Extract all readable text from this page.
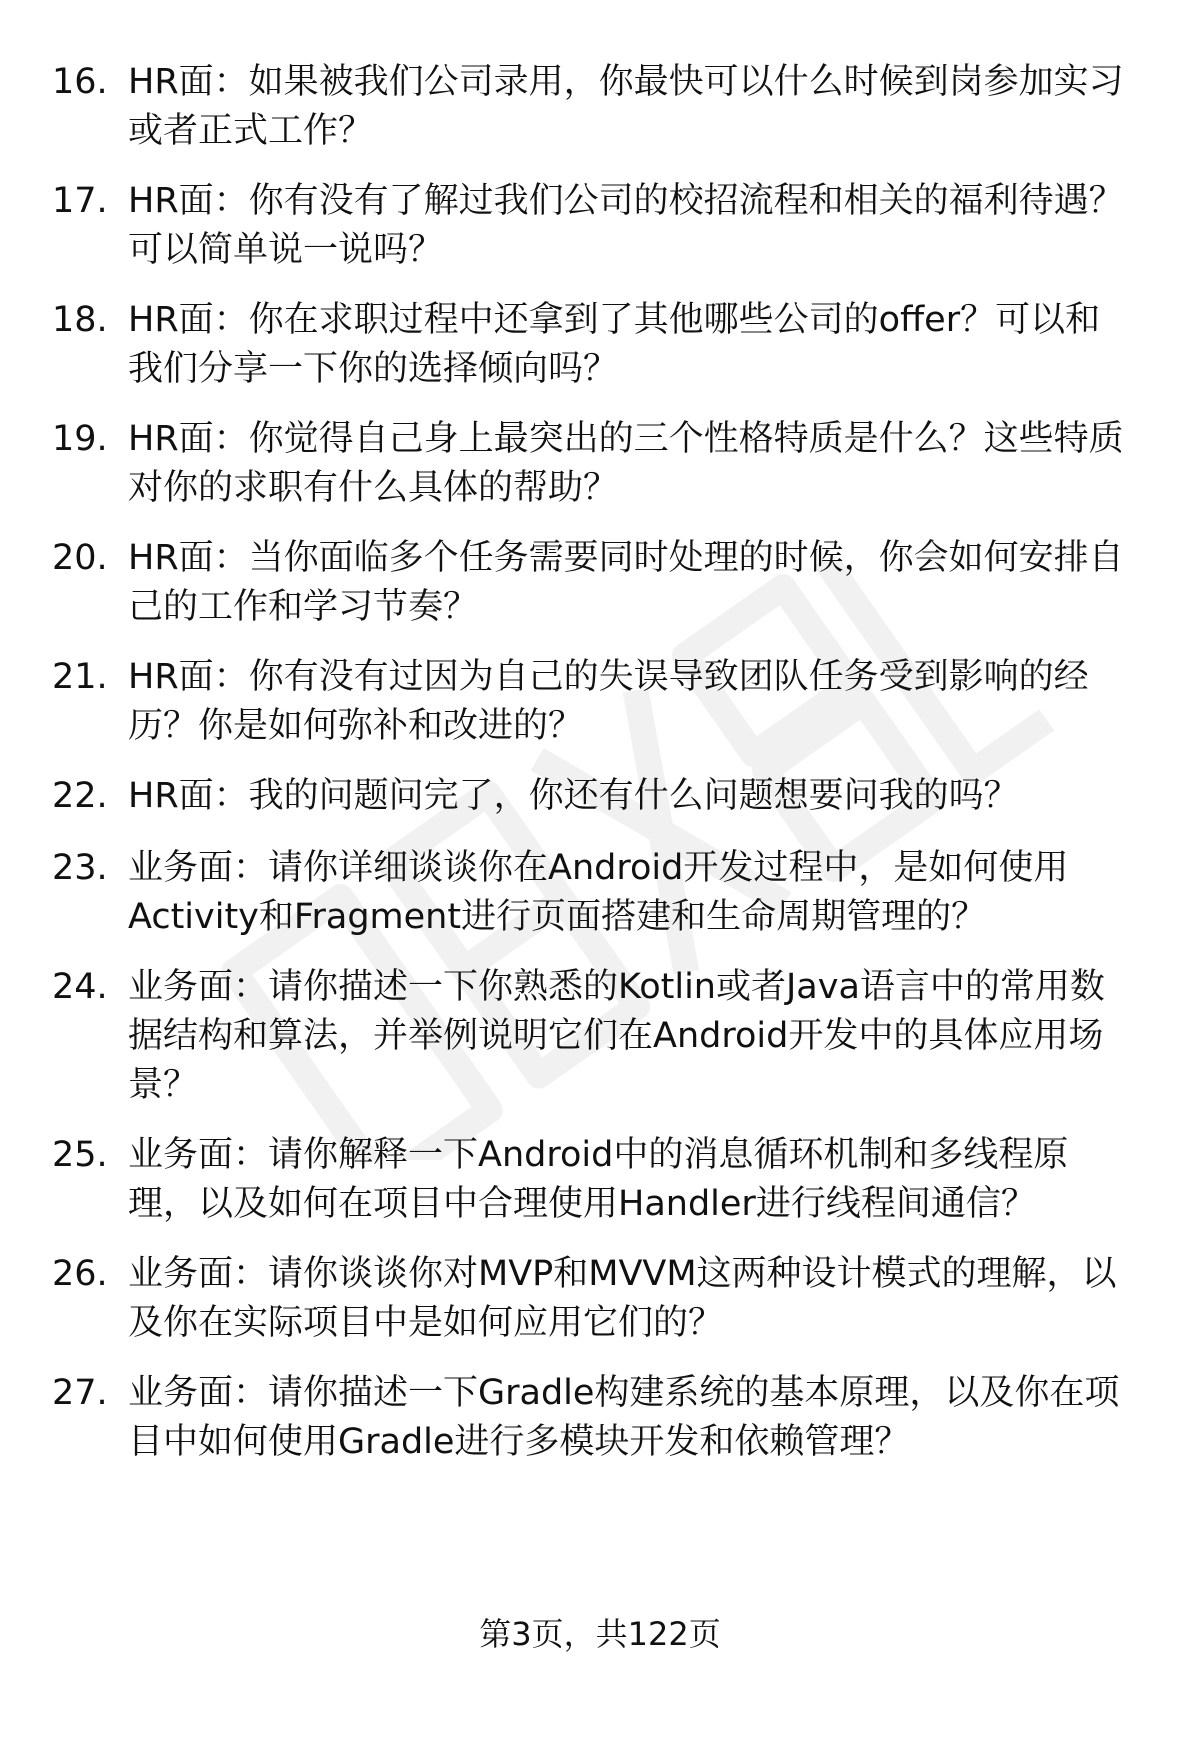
16. HR面：如果被我们公司录用，你最快可以什么时候到岗参加实习
或者正式工作？
17. HR面：你有没有了解过我们公司的校招流程和相关的福利待遇？
可以简单说一说吗？
18. HR面：你在求职过程中还拿到了其他哪些公司的offer？可以和
我们分享一下你的选择倾向吗？
19. HR面：你觉得自己身上最突出的三个性格特质是什么？这些特质
对你的求职有什么具体的帮助？
20. HR面：当你面临多个任务需要同时处理的时候，你会如何安排自
己的工作和学习节奏？
21. HR面：你有没有过因为自己的失误导致团队任务受到影响的经
历？你是如何弥补和改进的？
22. HR面：我的问题问完了，你还有什么问题想要问我的吗？
23. 业务面：请你详细谈谈你在Android开发过程中，是如何使用
Activity和Fragment进行页面搭建和生命周期管理的？
24. 业务面：请你描述一下你熟悉的Kotlin或者Java语言中的常用数
据结构和算法，并举例说明它们在Android开发中的具体应用场
景？
25. 业务面：请你解释一下Android中的消息循环机制和多线程原
理，以及如何在项目中合理使用Handler进行线程间通信？
26. 业务面：请你谈谈你对MVP和MVVM这两种设计模式的理解，以
及你在实际项目中是如何应用它们的？
27. 业务面：请你描述一下Gradle构建系统的基本原理，以及你在项
目中如何使用Gradle进行多模块开发和依赖管理？
第3页，共122页
